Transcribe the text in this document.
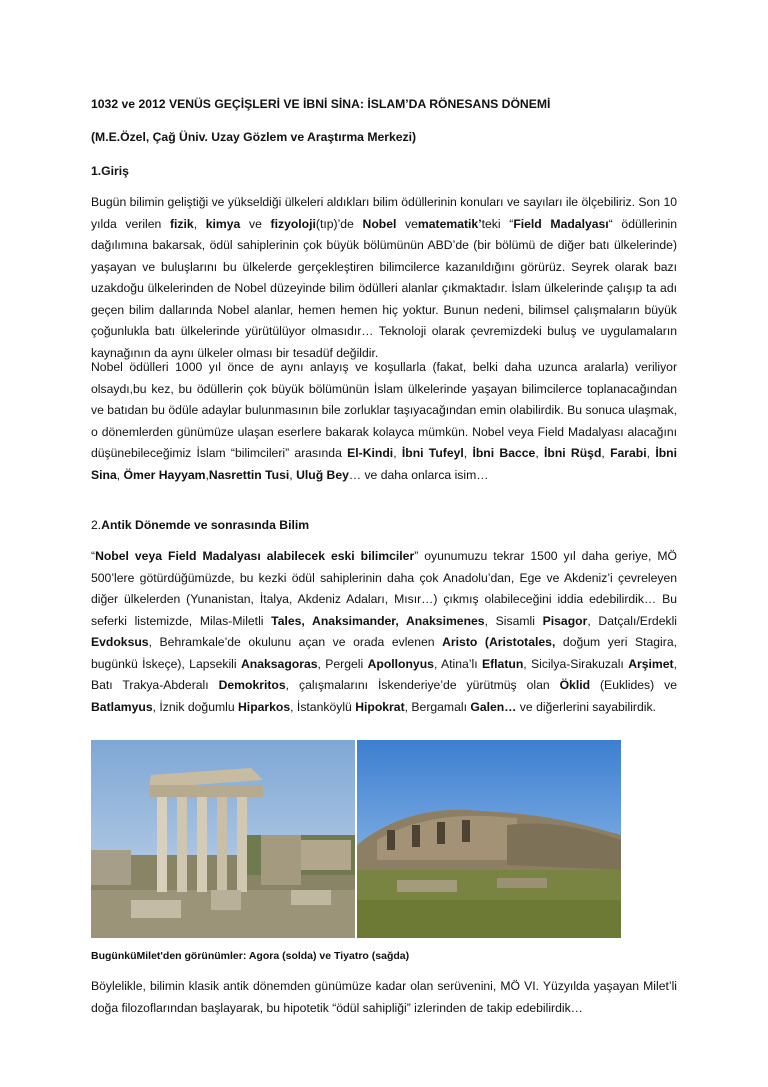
1032 ve 2012 VENÜS GEÇİŞLERİ VE İBNİ SİNA: İSLAM’DA RÖNESANS DÖNEMİ
(M.E.Özel, Çağ Üniv. Uzay Gözlem ve Araştırma Merkezi)
1.Giriş

Bugün bilimin geliştiği ve yükseldiği ülkeleri aldıkları bilim ödüllerinin konuları ve sayıları ile ölçebiliriz. Son 10 yılda verilen fizik, kimya ve fizyoloji(tıp)’de Nobel vematematik’teki “Field Madalyası“ ödüllerinin dağılımına bakarsak, ödül sahiplerinin çok büyük bölümünün ABD’de (bir bölümü de diğer batı ülkelerinde) yaşayan ve buluşlarını bu ülkelerde gerçekleştiren bilimcilerce kazanıldığını görürüz. Seyrek olarak bazı uzakdoğu ülkelerinden de Nobel düzeyinde bilim ödülleri alanlar çıkmaktadır. İslam ülkelerinde çalışıp ta adı geçen bilim dallarında Nobel alanlar, hemen hemen hiç yoktur. Bunun nedeni, bilimsel çalışmaların büyük çoğunlukla batı ülkelerinde yürütülüyor olmasıdır… Teknoloji olarak çevremizdeki buluş ve uygulamaların kaynağının da aynı ülkeler olması bir tesadüf değildir.

Nobel ödülleri 1000 yıl önce de aynı anlayış ve koşullarla (fakat, belki daha uzunca aralarla) veriliyor olsaydı,bu kez, bu ödüllerin çok büyük bölümünün İslam ülkelerinde yaşayan bilimcilerce toplanacağından ve batıdan bu ödüle adaylar bulunmasının bile zorluklar taşıyacağından emin olabilirdik. Bu sonuca ulaşmak, o dönemlerden günümüze ulaşan eserlere bakarak kolayca mümkün. Nobel veya Field Madalyası alacağını düşünebileceğimiz İslam “bilimcileri” arasında El-Kindi, İbni Tufeyl, İbni Bacce, İbni Rüşd, Farabi, İbni Sina, Ömer Hayyam,Nasrettin Tusi, Uluğ Bey… ve daha onlarca isim…

2.Antik Dönemde ve sonrasında Bilim

“Nobel veya Field Madalyası alabilecek eski bilimciler” oyunumuzu tekrar 1500 yıl daha geriye, MÖ 500’lere götürdüğümüzde, bu kezki ödül sahiplerinin daha çok Anadolu’dan, Ege ve Akdeniz’i çevreleyen diğer ülkelerden (Yunanistan, İtalya, Akdeniz Adaları, Mısır…) çıkmış olabileceğini iddia edebilirdik… Bu seferki listemizde, Milas-Miletli Tales, Anaksimander, Anaksimenes, Sisamli Pisagor, Datçalı/Erdekli Evdoksus, Behramkale’de okulunu açan ve orada evlenen Aristo (Aristotales, doğum yeri Stagira, bugünkü İskeçe), Lapsekili Anaksagoras, Pergeli Apollonyus, Atina’lı Eflatun, Sicilya-Sirakuzalı Arşimet, Batı Trakya-Abderalı Demokritos, çalışmalarını İskenderiye’de yürütmüş olan Öklid (Euklides) ve Batlamyus, İznik doğumlu Hiparkos, İstanköylü Hipokrat, Bergamalı Galen… ve diğerlerini sayabilirdik.

BugünküMilet'den görünümler: Agora (solda) ve Tiyatro (sağda)

Böylelikle, bilimin klasik antik dönemden günümüze kadar olan serüvenini, MÖ VI. Yüzyılda yaşayan Milet’li doğa filozoflarından başlayarak, bu hipotetik “ödül sahipliği” izlerinden de takip edebilirdik…
